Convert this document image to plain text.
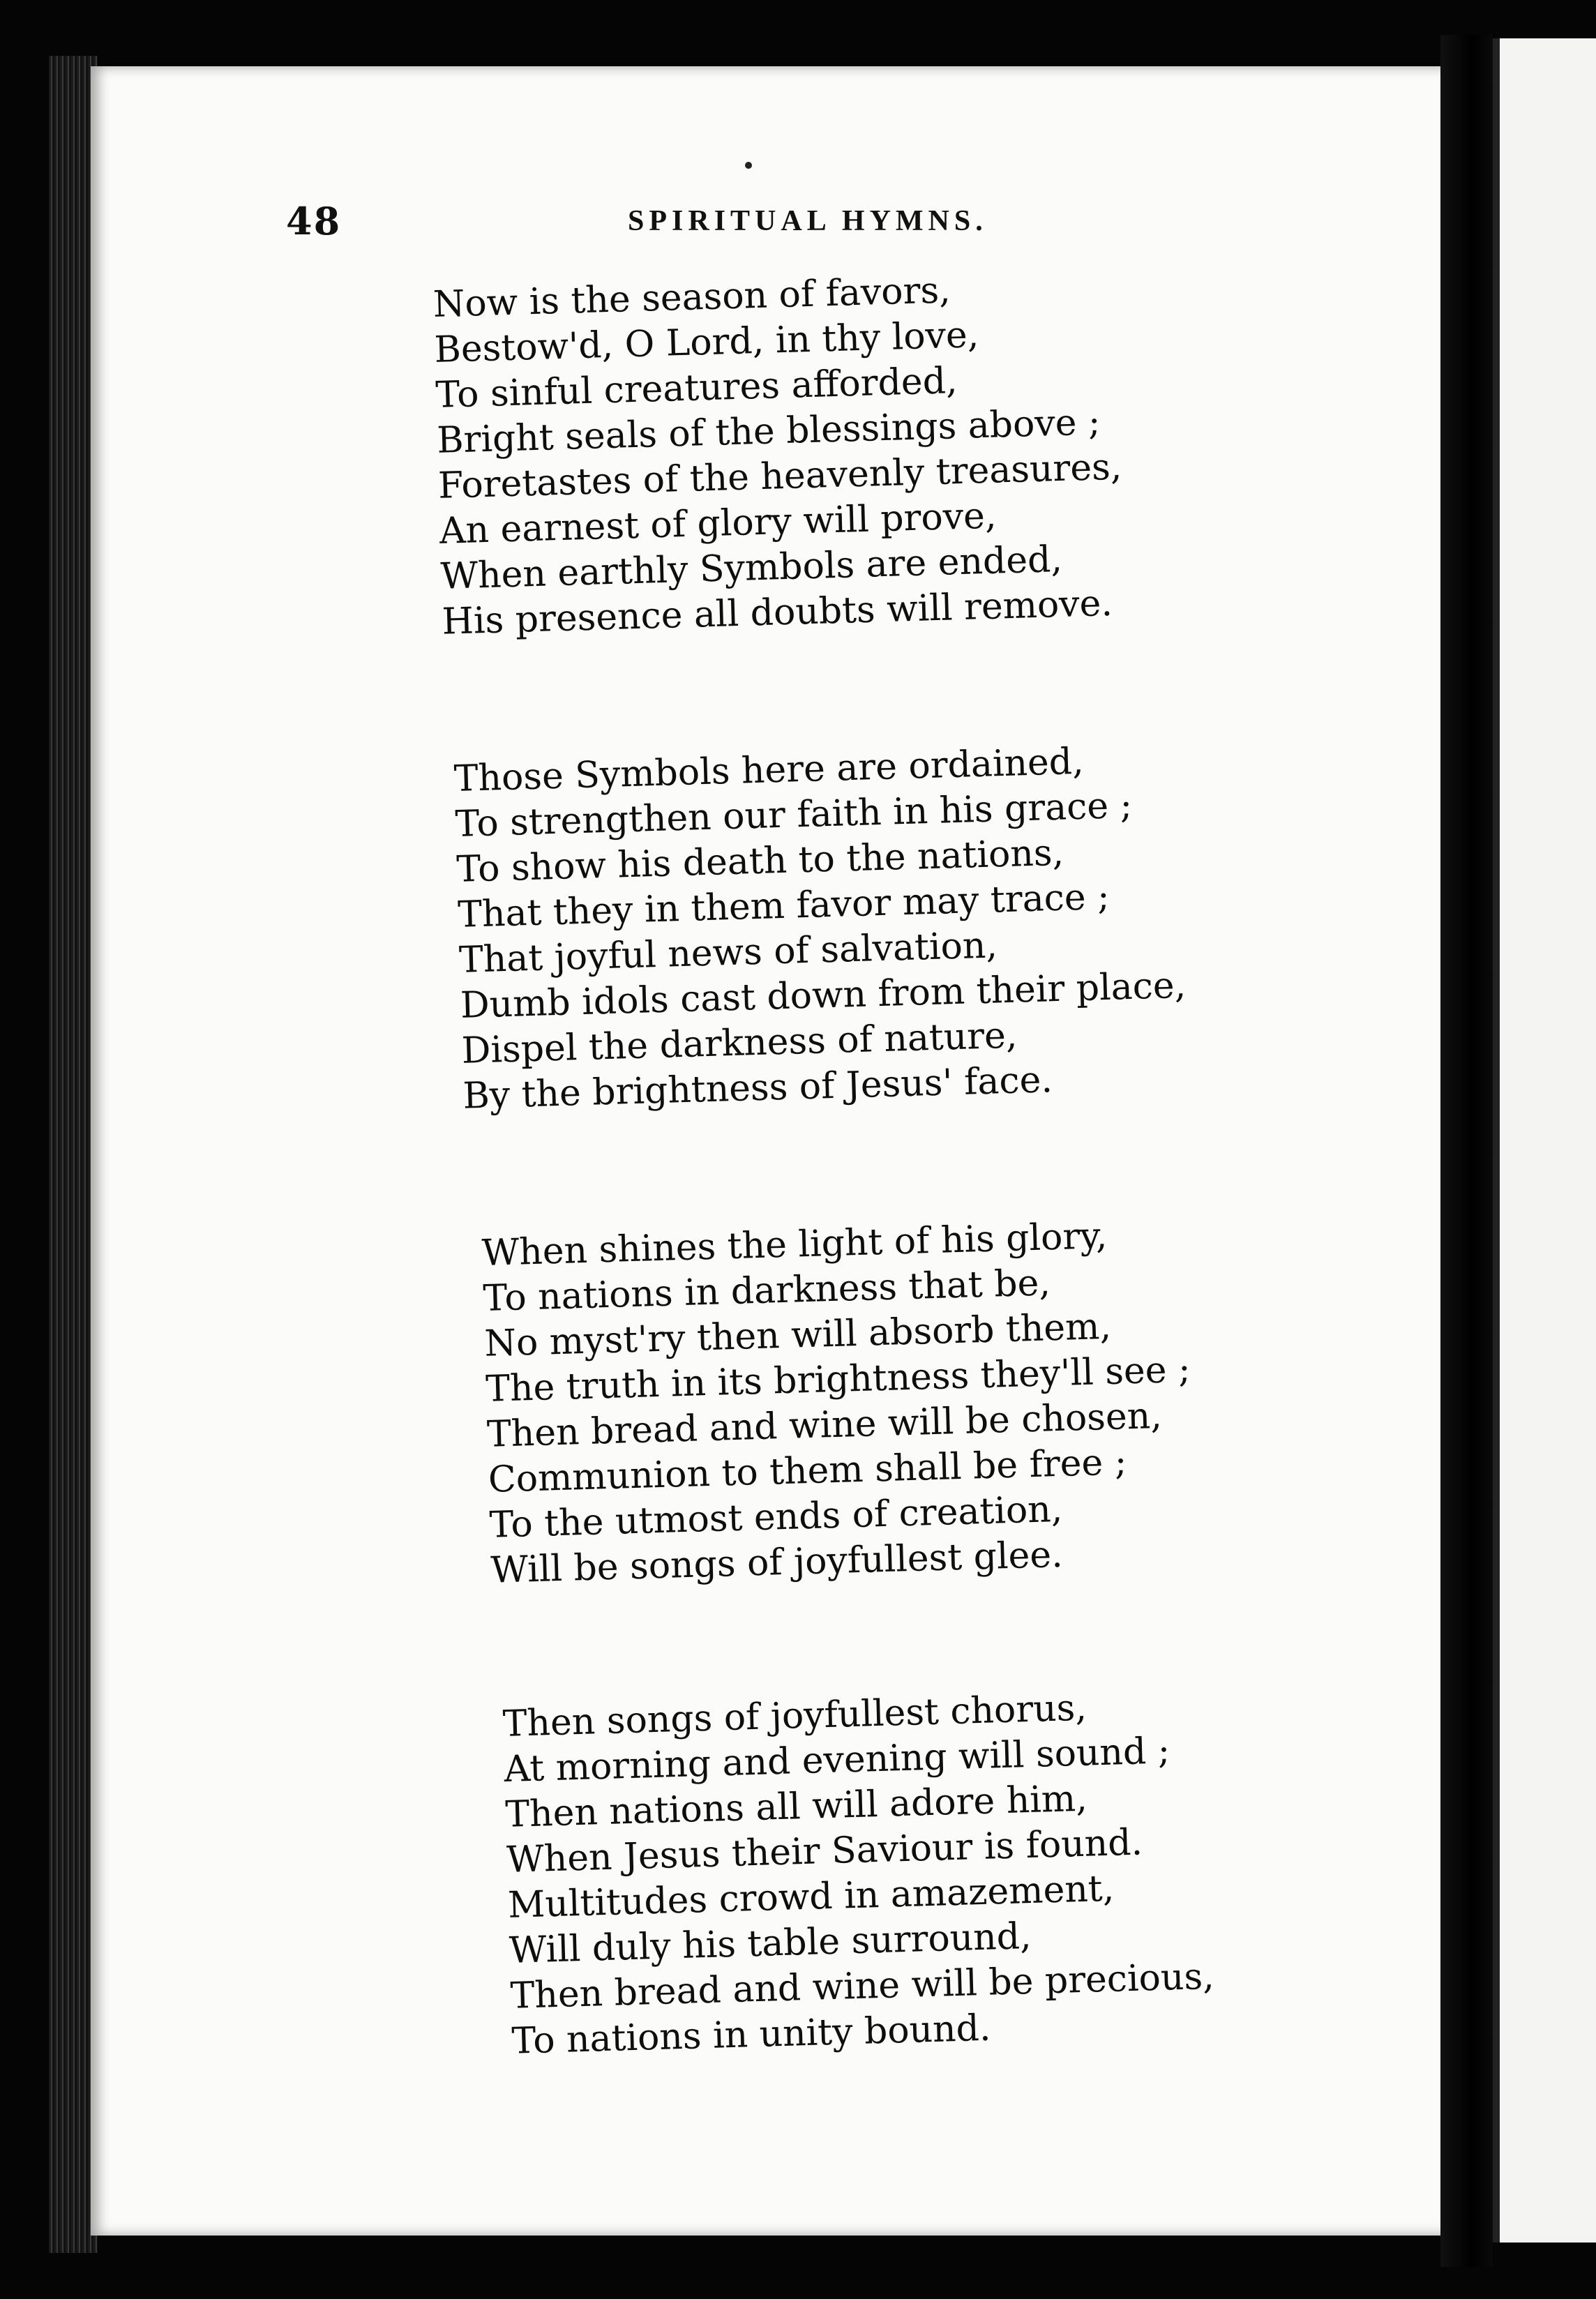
48	SPIRITUAL HYMNS.
Now is the season of favors,
Bestow'd, O Lord, in thy love,
To sinful creatures afforded,
Bright seals of the blessings above ;
Foretastes of the heavenly treasures,
An earnest of glory will prove,
When earthly Symbols are ended,
His presence all doubts will remove.
Those Symbols here are ordained,
To strengthen our faith in his grace ;
To show his death to the nations,
That they in them favor may trace ;
That joyful news of salvation,
Dumb idols cast down from their place,
Dispel the darkness of nature,
By the brightness of Jesus' face.
When shines the light of his glory,
To nations in darkness that be,
No myst'ry then will absorb them,
The truth in its brightness they'll see ;
Then bread and wine will be chosen,
Communion to them shall be free ;
To the utmost ends of creation,
Will be songs of joyfullest glee.
Then songs of joyfullest chorus,
At morning and evening will sound ;
Then nations all will adore him,
When Jesus their Saviour is found.
Multitudes crowd in amazement,
Will duly his table surround,
Then bread and wine will be precious,
To nations in unity bound.
